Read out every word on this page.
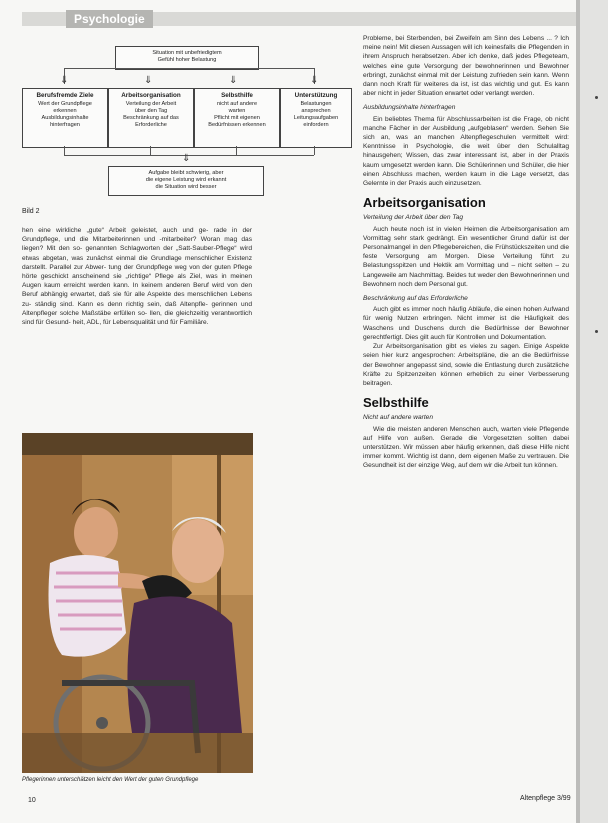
Psychologie
Situation mit unbefriedigtem
Gefühl hoher Belastung
⇓	⇓	⇓	⇓
Berufsfremde Ziele
Wert der Grundpflege
erkennen
Ausbildungsinhalte
hinterfragen
Arbeitsorganisation
Verteilung der Arbeit
über den Tag
Beschränkung auf das
Erforderliche
Selbsthilfe
nicht auf andere
warten
Pflicht mit eigenen
Bedürfnissen erkennen
Unterstützung
Belastungen
ansprechen
Leitungsaufgaben
einfordern
⇓
Aufgabe bleibt schwierig, aber
die eigene Leistung wird erkannt
die Situation wird besser
Bild 2

hen eine wirkliche „gute“ Arbeit geleistet, auch und ge- rade in der Grundpflege, und die Mitarbeiterinnen und -mitarbeiter? Woran mag das liegen? Mit den so- genannten Schlagworten der „Satt-Sauber-Pflege“ wird etwas abgetan, was zunächst einmal die Grundlage menschlicher Existenz darstellt. Parallel zur Abwer- tung der Grundpflege weg von der guten Pflege hörte geschickt anscheinend sie „richtige“ Pflege als Ziel, was in meinen Augen kaum erreicht werden kann. In keinem anderen Beruf wird von den Beruf abhängig erwartet, daß sie für alle Aspekte des menschlichen Lebens zu- ständig sind. Kann es denn richtig sein, daß Altenpfle- gerinnen und Altenpfleger solche Maßstäbe erfüllen so- llen, die gleichzeitig verantwortlich sind für Gesund- heit, ADL, für Lebensqualität und für Familiäre.

Pflegerinnen unterschätzen leicht den Wert der guten Grundpflege

Probleme, bei Sterbenden, bei Zweifeln am Sinn des Lebens ... ? Ich meine nein! Mit diesen Aussagen will ich keinesfalls die Pflegenden in ihrem Anspruch herabsetzen. Aber ich denke, daß jedes Pflegeteam, welches eine gute Versorgung der bewohnerinnen und Bewohner erbringt, zunächst einmal mit der Leistung zufrieden sein kann. Wenn dann noch Kraft für weiteres da ist, ist das wichtig und gut. Es kann aber nicht in jeder Situation erwartet oder verlangt werden.

Ausbildungsinhalte hinterfragen

Ein beliebtes Thema für Abschlussarbeiten ist die Frage, ob nicht manche Fächer in der Ausbildung „aufgeblasen“ werden. Sehen Sie sich an, was an manchen Altenpflegeschulen vermittelt wird: Kenntnisse in Psychologie, die weit über den Schulalltag hinausgehen; Wissen, das zwar interessant ist, aber in der Praxis kaum umgesetzt werden kann. Die Schülerinnen und Schüler, die hier einen Abschluss machen, werden kaum in die Lage versetzt, das Gelernte in der Praxis auch einzusetzen.

Arbeitsorganisation
Verteilung der Arbeit über den Tag

Auch heute noch ist in vielen Heimen die Arbeitsorganisation am Vormittag sehr stark gedrängt. Ein wesentlicher Grund dafür ist der Personalmangel in den Pflegebereichen, die Frühstückszeiten und die feste Versorgung am Morgen. Diese Verteilung führt zu Belastungsspitzen und Hektik am Vormittag und – nicht selten – zu Langeweile am Nachmittag. Beides tut weder den Bewohnerinnen und Bewohnern noch dem Personal gut.

Beschränkung auf das Erforderliche

Auch gibt es immer noch häufig Abläufe, die einen hohen Aufwand für wenig Nutzen erbringen. Nicht immer ist die Häufigkeit des Waschens und Duschens durch die Bedürfnisse der Bewohner gerechtfertigt. Dies gilt auch für Kontrollen und Dokumentation.

Zur Arbeitsorganisation gibt es vieles zu sagen. Einige Aspekte seien hier kurz angesprochen: Arbeitspläne, die an die Bedürfnisse der Bewohner angepasst sind, sowie die Entlastung durch zusätzliche Kräfte zu Spitzenzeiten können erheblich zu einer Verbesserung beitragen.

Selbsthilfe
Nicht auf andere warten

Wie die meisten anderen Menschen auch, warten viele Pflegende auf Hilfe von außen. Gerade die Vorgesetzten sollten dabei unterstützen. Wir müssen aber häufig erkennen, daß diese Hilfe nicht immer kommt. Wichtig ist dann, dem eigenen Maße zu vertrauen. Die Gesundheit ist der einzige Weg, auf dem wir die Arbeit tun können.

10	Altenpflege 3/99
